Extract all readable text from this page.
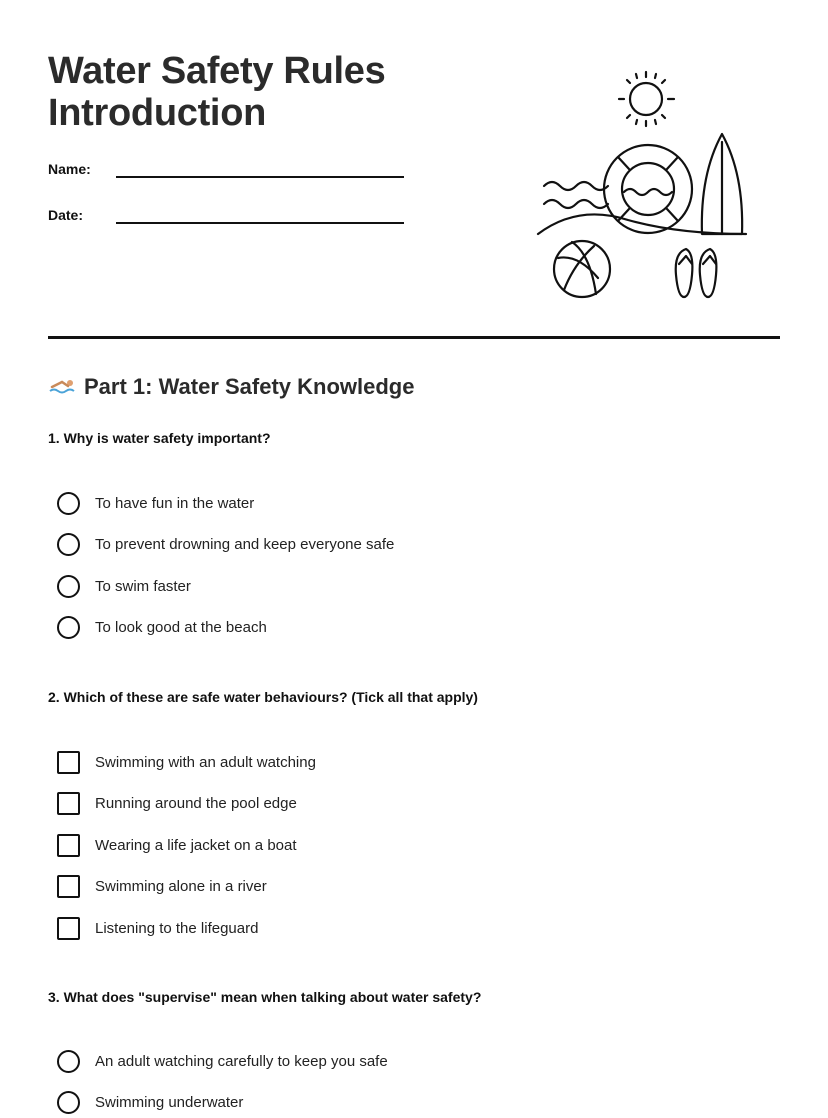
Water Safety Rules
Introduction
Name:
Date:
Part 1: Water Safety Knowledge
1. Why is water safety important?
To have fun in the water
To prevent drowning and keep everyone safe
To swim faster
To look good at the beach
2. Which of these are safe water behaviours? (Tick all that apply)
Swimming with an adult watching
Running around the pool edge
Wearing a life jacket on a boat
Swimming alone in a river
Listening to the lifeguard
3. What does "supervise" mean when talking about water safety?
An adult watching carefully to keep you safe
Swimming underwater
